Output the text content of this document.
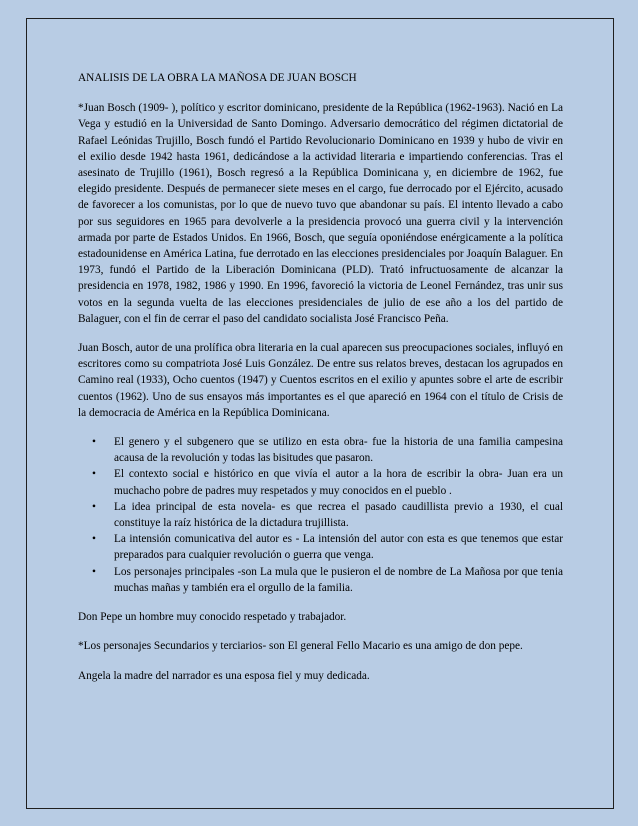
ANALISIS DE LA OBRA LA MAÑOSA DE JUAN BOSCH

*Juan Bosch (1909- ), político y escritor dominicano, presidente de la República (1962-1963). Nació en La Vega y estudió en la Universidad de Santo Domingo. Adversario democrático del régimen dictatorial de Rafael Leónidas Trujillo, Bosch fundó el Partido Revolucionario Dominicano en 1939 y hubo de vivir en el exilio desde 1942 hasta 1961, dedicándose a la actividad literaria e impartiendo conferencias. Tras el asesinato de Trujillo (1961), Bosch regresó a la República Dominicana y, en diciembre de 1962, fue elegido presidente. Después de permanecer siete meses en el cargo, fue derrocado por el Ejército, acusado de favorecer a los comunistas, por lo que de nuevo tuvo que abandonar su país. El intento llevado a cabo por sus seguidores en 1965 para devolverle a la presidencia provocó una guerra civil y la intervención armada por parte de Estados Unidos. En 1966, Bosch, que seguía oponiéndose enérgicamente a la política estadounidense en América Latina, fue derrotado en las elecciones presidenciales por Joaquín Balaguer. En 1973, fundó el Partido de la Liberación Dominicana (PLD). Trató infructuosamente de alcanzar la presidencia en 1978, 1982, 1986 y 1990. En 1996, favoreció la victoria de Leonel Fernández, tras unir sus votos en la segunda vuelta de las elecciones presidenciales de julio de ese año a los del partido de Balaguer, con el fin de cerrar el paso del candidato socialista José Francisco Peña.

Juan Bosch, autor de una prolífica obra literaria en la cual aparecen sus preocupaciones sociales, influyó en escritores como su compatriota José Luis González. De entre sus relatos breves, destacan los agrupados en Camino real (1933), Ocho cuentos (1947) y Cuentos escritos en el exilio y apuntes sobre el arte de escribir cuentos (1962). Uno de sus ensayos más importantes es el que apareció en 1964 con el título de Crisis de la democracia de América en la República Dominicana.

•	El genero y el subgenero que se utilizo en esta obra- fue la historia de una familia campesina acausa de la revolución y todas las bisitudes que pasaron.
•	El contexto social e histórico en que vivía el autor a la hora de escribir la obra- Juan era un muchacho pobre de padres muy respetados y muy conocidos en el pueblo .
•	La idea principal de esta novela- es que recrea el pasado caudillista previo a 1930, el cual constituye la raíz histórica de la dictadura trujillista.
•	La intensión comunicativa del autor es - La intensión del autor con esta es que tenemos que estar preparados para cualquier revolución o guerra que venga.
•	Los personajes principales -son La mula que le pusieron el de nombre de La Mañosa por que tenia muchas mañas y también era el orgullo de la familia.

Don Pepe un hombre muy conocido respetado y trabajador.

*Los personajes Secundarios y terciarios- son El general Fello Macario es una amigo de don pepe.

Angela la madre del narrador es una esposa fiel y muy dedicada.
